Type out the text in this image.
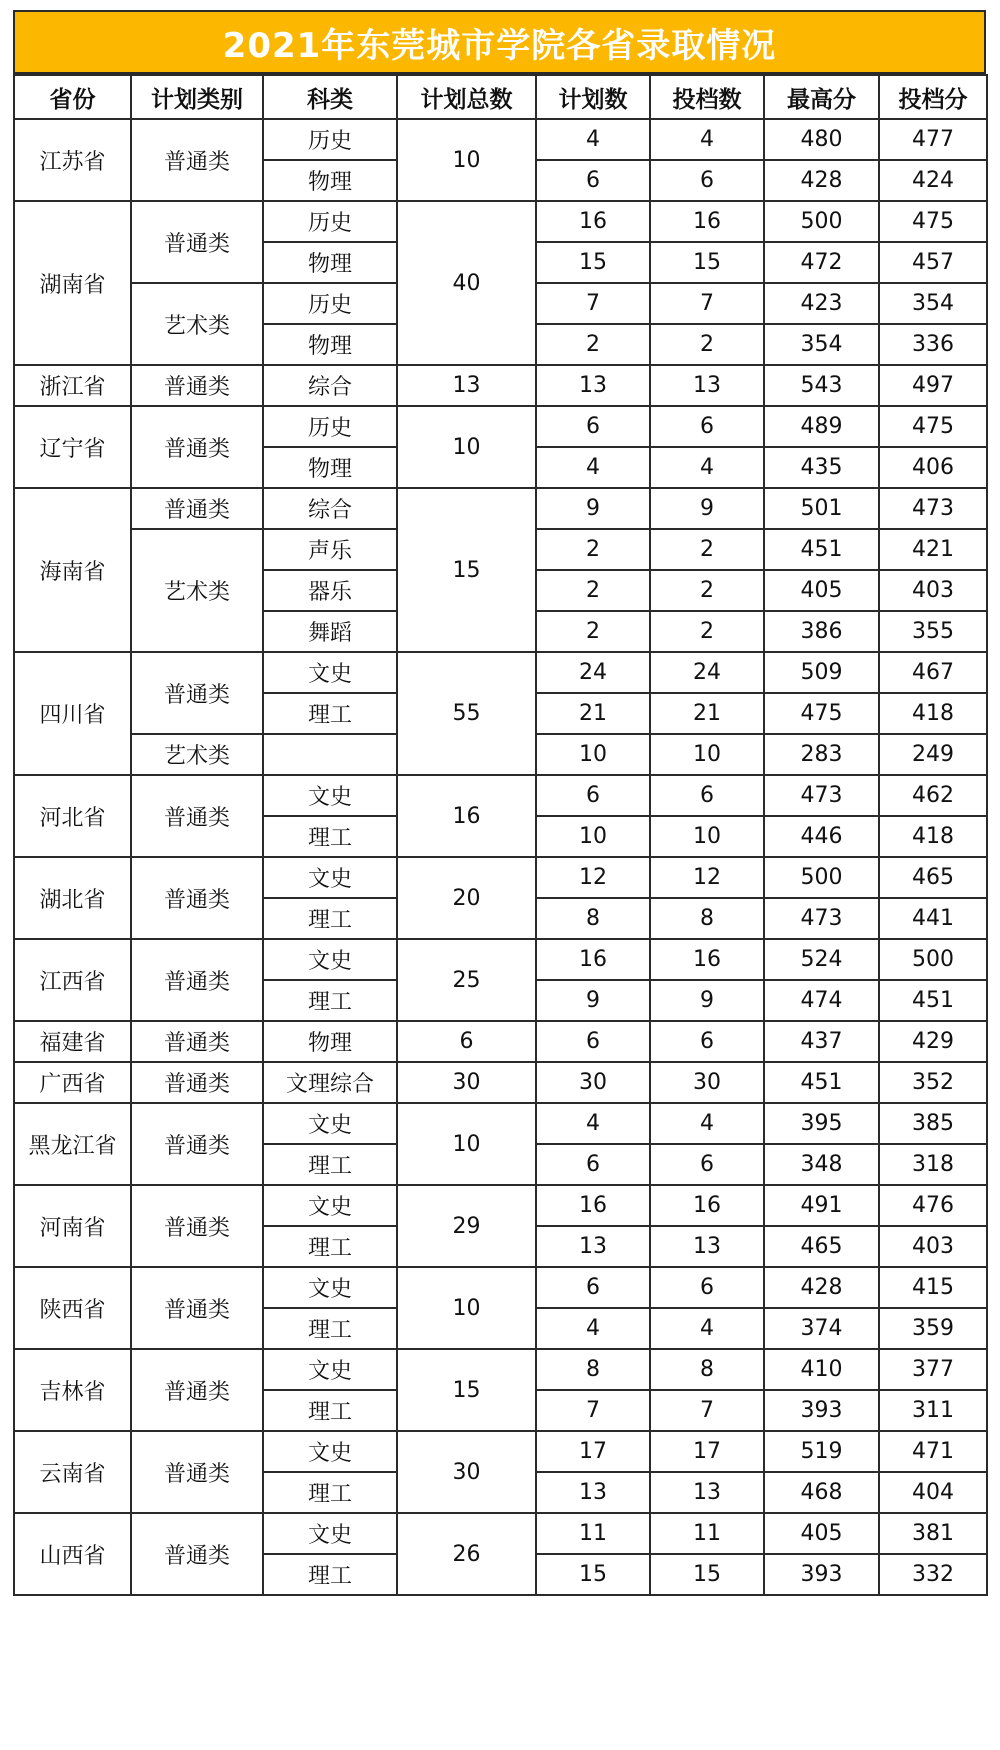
2021年东莞城市学院各省录取情况
省份	计划类别	科类	计划总数	计划数	投档数	最高分	投档分
江苏省	普通类	历史	10	4	4	480	477
		物理		6	6	428	424
湖南省	普通类	历史	40	16	16	500	475
		物理		15	15	472	457
	艺术类	历史		7	7	423	354
		物理		2	2	354	336
浙江省	普通类	综合	13	13	13	543	497
辽宁省	普通类	历史	10	6	6	489	475
		物理		4	4	435	406
海南省	普通类	综合	15	9	9	501	473
	艺术类	声乐		2	2	451	421
		器乐		2	2	405	403
		舞蹈		2	2	386	355
四川省	普通类	文史	55	24	24	509	467
		理工		21	21	475	418
	艺术类			10	10	283	249
河北省	普通类	文史	16	6	6	473	462
		理工		10	10	446	418
湖北省	普通类	文史	20	12	12	500	465
		理工		8	8	473	441
江西省	普通类	文史	25	16	16	524	500
		理工		9	9	474	451
福建省	普通类	物理	6	6	6	437	429
广西省	普通类	文理综合	30	30	30	451	352
黑龙江省	普通类	文史	10	4	4	395	385
		理工		6	6	348	318
河南省	普通类	文史	29	16	16	491	476
		理工		13	13	465	403
陕西省	普通类	文史	10	6	6	428	415
		理工		4	4	374	359
吉林省	普通类	文史	15	8	8	410	377
		理工		7	7	393	311
云南省	普通类	文史	30	17	17	519	471
		理工		13	13	468	404
山西省	普通类	文史	26	11	11	405	381
		理工		15	15	393	332
